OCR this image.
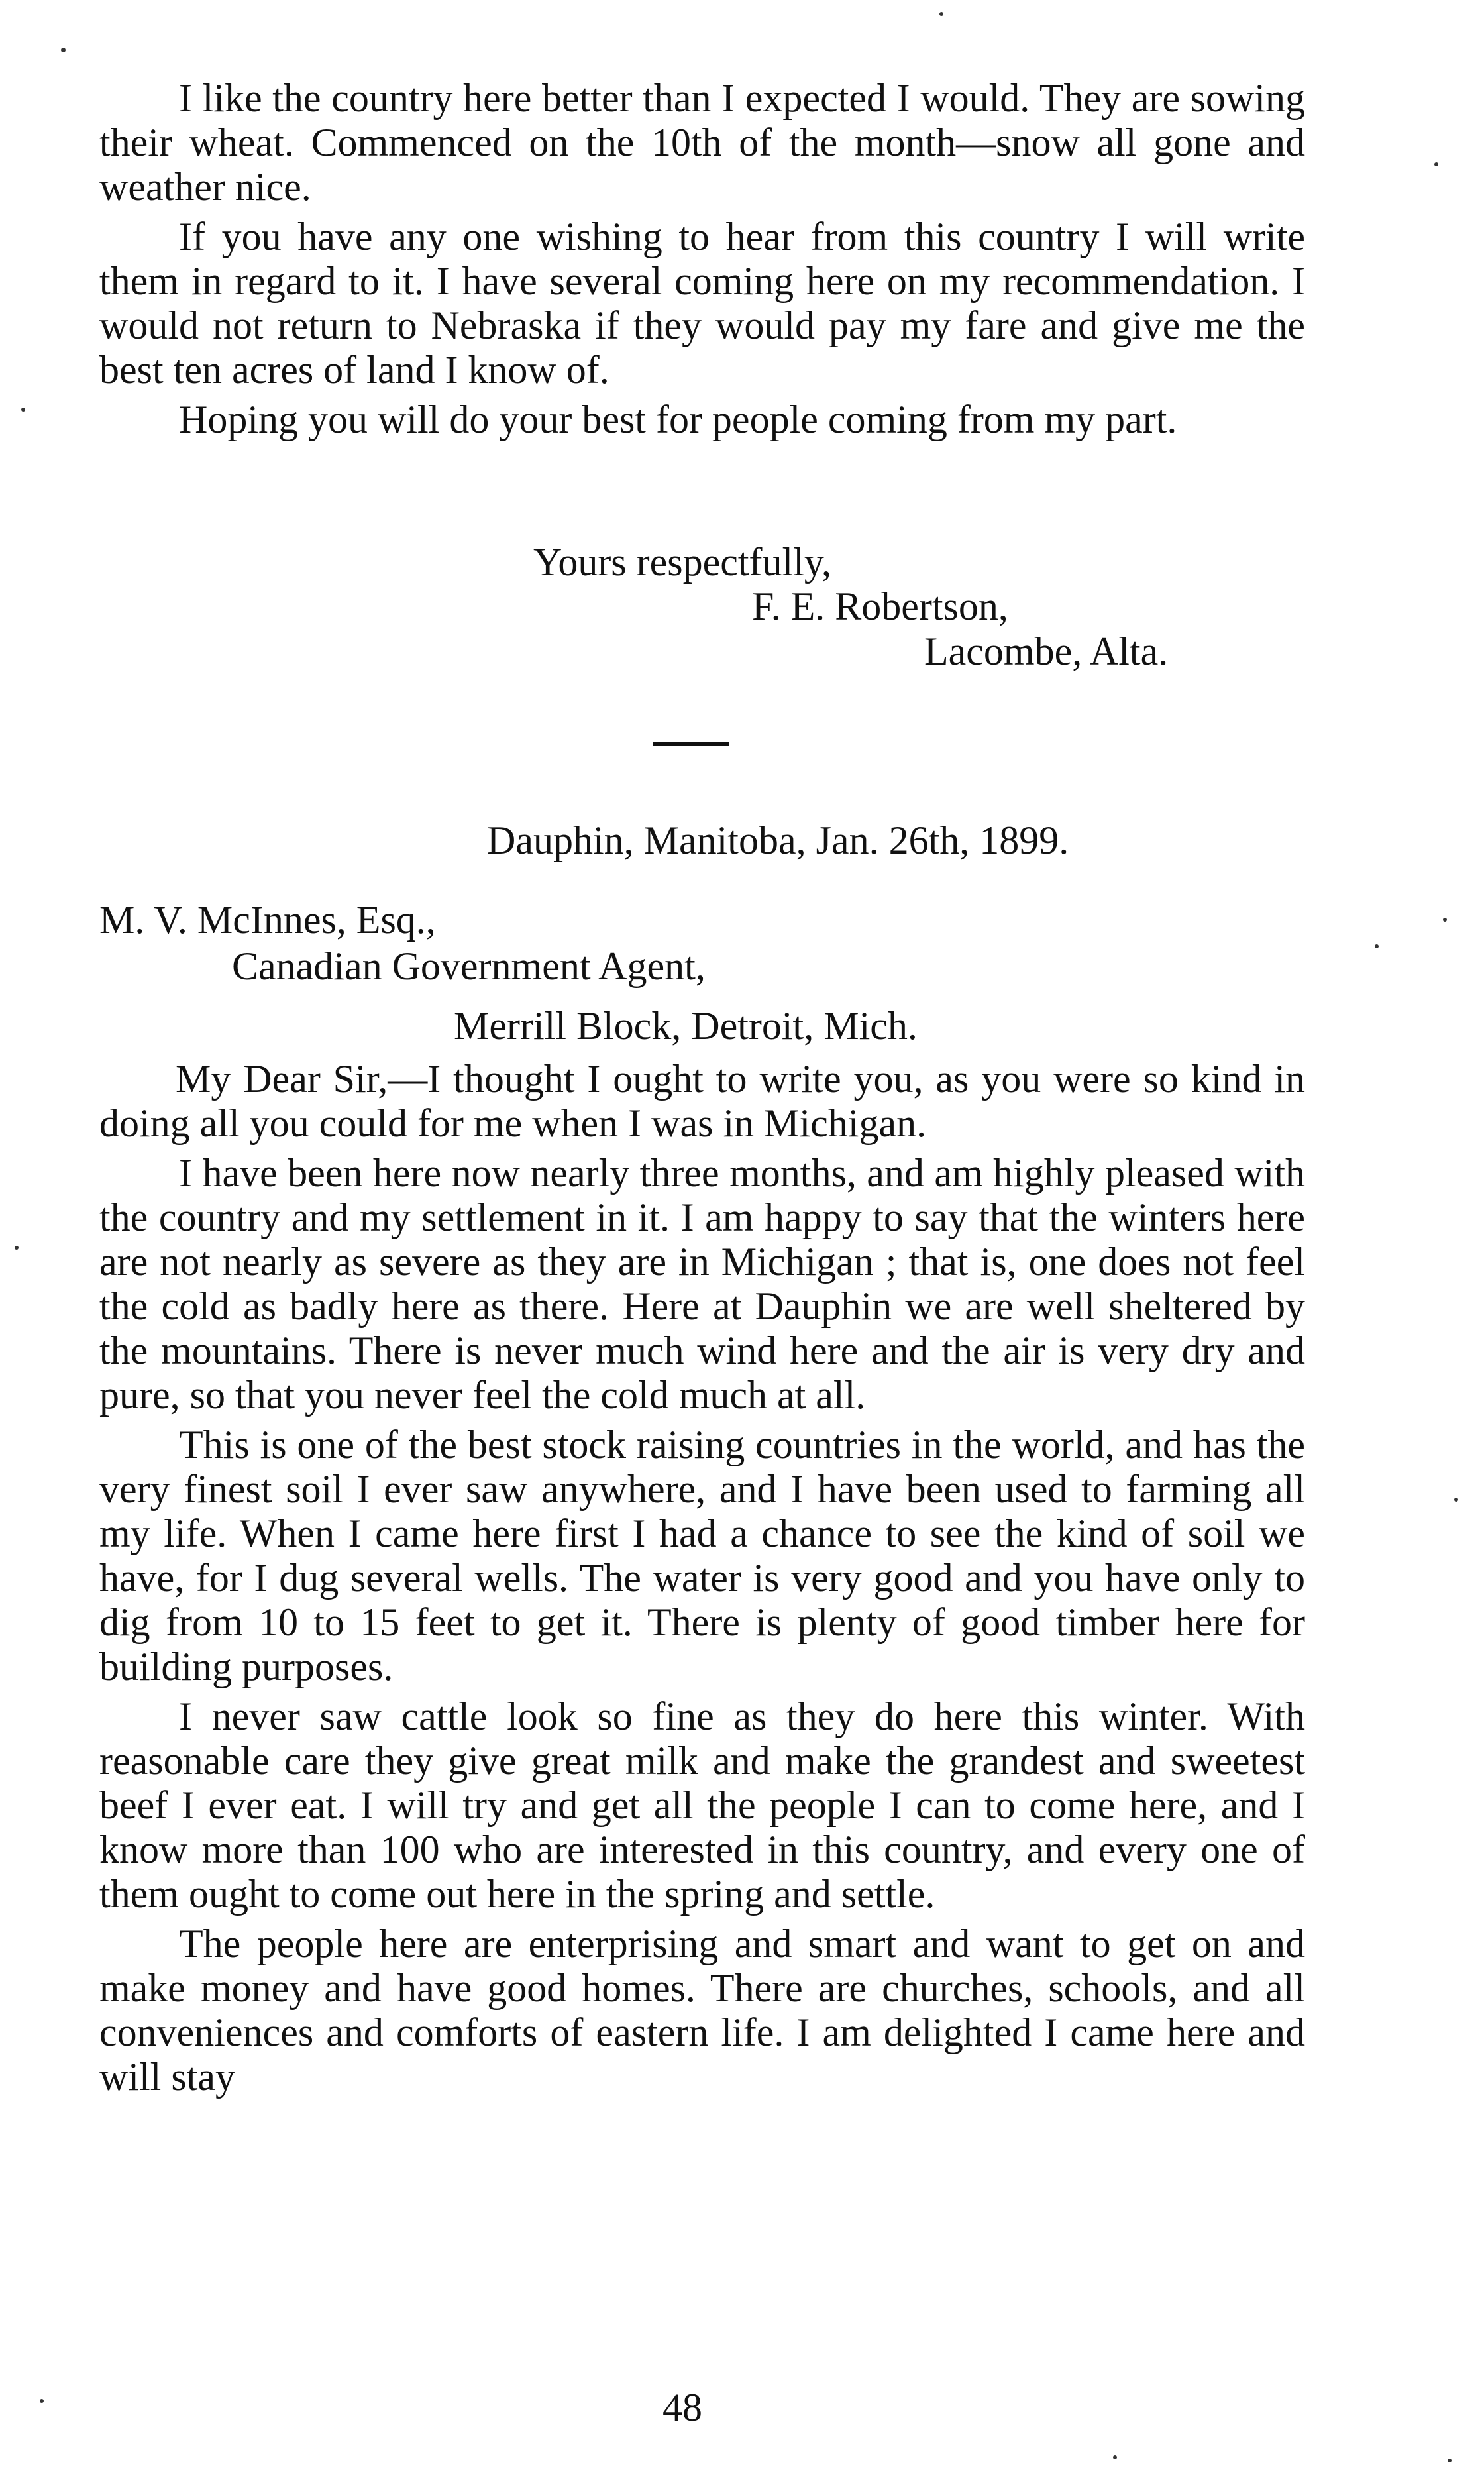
I like the country here better than I expected I would. They are sowing their wheat. Commenced on the 10th of the month—snow all gone and weather nice.

If you have any one wishing to hear from this country I will write them in regard to it. I have several coming here on my recommendation. I would not return to Nebraska if they would pay my fare and give me the best ten acres of land I know of.

Hoping you will do your best for people coming from my part.

Yours respectfully,
F. E. Robertson,
Lacombe, Alta.
Dauphin, Manitoba, Jan. 26th, 1899.
M. V. McInnes, Esq.,
Canadian Government Agent,
Merrill Block, Detroit, Mich.

My Dear Sir,—I thought I ought to write you, as you were so kind in doing all you could for me when I was in Michigan.

I have been here now nearly three months, and am highly pleased with the country and my settlement in it. I am happy to say that the winters here are not nearly as severe as they are in Michigan ; that is, one does not feel the cold as badly here as there. Here at Dauphin we are well sheltered by the mountains. There is never much wind here and the air is very dry and pure, so that you never feel the cold much at all.

This is one of the best stock raising countries in the world, and has the very finest soil I ever saw anywhere, and I have been used to farming all my life. When I came here first I had a chance to see the kind of soil we have, for I dug several wells. The water is very good and you have only to dig from 10 to 15 feet to get it. There is plenty of good timber here for building purposes.

I never saw cattle look so fine as they do here this winter. With reasonable care they give great milk and make the grandest and sweetest beef I ever eat. I will try and get all the people I can to come here, and I know more than 100 who are interested in this country, and every one of them ought to come out here in the spring and settle.

The people here are enterprising and smart and want to get on and make money and have good homes. There are churches, schools, and all conveniences and comforts of eastern life. I am delighted I came here and will stay

48
